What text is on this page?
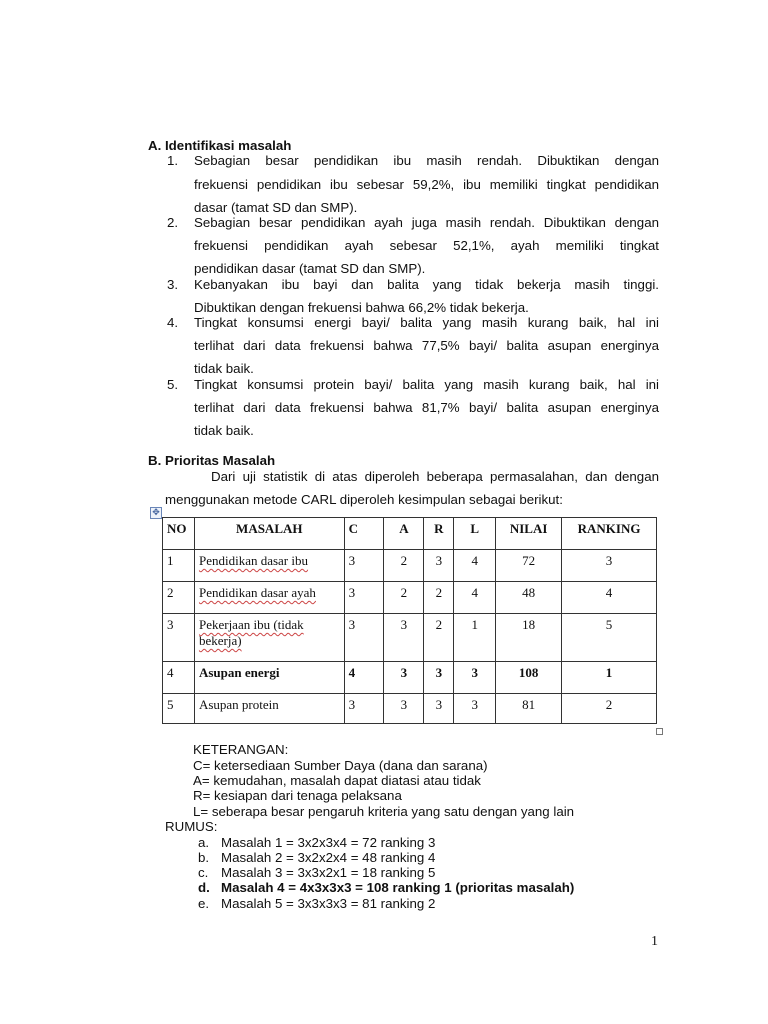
A. Identifikasi masalah
1. Sebagian besar pendidikan ibu masih rendah. Dibuktikan dengan
frekuensi pendidikan ibu sebesar 59,2%, ibu memiliki tingkat pendidikan
dasar (tamat SD dan SMP).
2. Sebagian besar pendidikan ayah juga masih rendah. Dibuktikan dengan
frekuensi pendidikan ayah sebesar 52,1%, ayah memiliki tingkat
pendidikan dasar (tamat SD dan SMP).
3. Kebanyakan ibu bayi dan balita yang tidak bekerja masih tinggi.
Dibuktikan dengan frekuensi bahwa 66,2% tidak bekerja.
4. Tingkat konsumsi energi bayi/ balita yang masih kurang baik, hal ini
terlihat dari data frekuensi bahwa 77,5% bayi/ balita asupan energinya
tidak baik.
5. Tingkat konsumsi protein bayi/ balita yang masih kurang baik, hal ini
terlihat dari data frekuensi bahwa 81,7% bayi/ balita asupan energinya
tidak baik.
B. Prioritas Masalah
Dari uji statistik di atas diperoleh beberapa permasalahan, dan dengan
menggunakan metode CARL diperoleh kesimpulan sebagai berikut:
✥
NO	MASALAH	C	A	R	L	NILAI	RANKING
1	Pendidikan dasar ibu	3	2	3	4	72	3
2	Pendidikan dasar ayah	3	2	2	4	48	4
3	Pekerjaan ibu (tidak bekerja)	3	3	2	1	18	5
4	Asupan energi	4	3	3	3	108	1
5	Asupan protein	3	3	3	3	81	2
KETERANGAN:
C= ketersediaan Sumber Daya (dana dan sarana)
A= kemudahan, masalah dapat diatasi atau tidak
R= kesiapan dari tenaga pelaksana
L= seberapa besar pengaruh kriteria yang satu dengan yang lain
RUMUS:
a. Masalah 1 = 3x2x3x4 = 72 ranking 3
b. Masalah 2 = 3x2x2x4 = 48 ranking 4
c. Masalah 3 = 3x3x2x1 = 18 ranking 5
d. Masalah 4 = 4x3x3x3 = 108 ranking 1 (prioritas masalah)
e. Masalah 5 = 3x3x3x3 = 81 ranking 2
1
